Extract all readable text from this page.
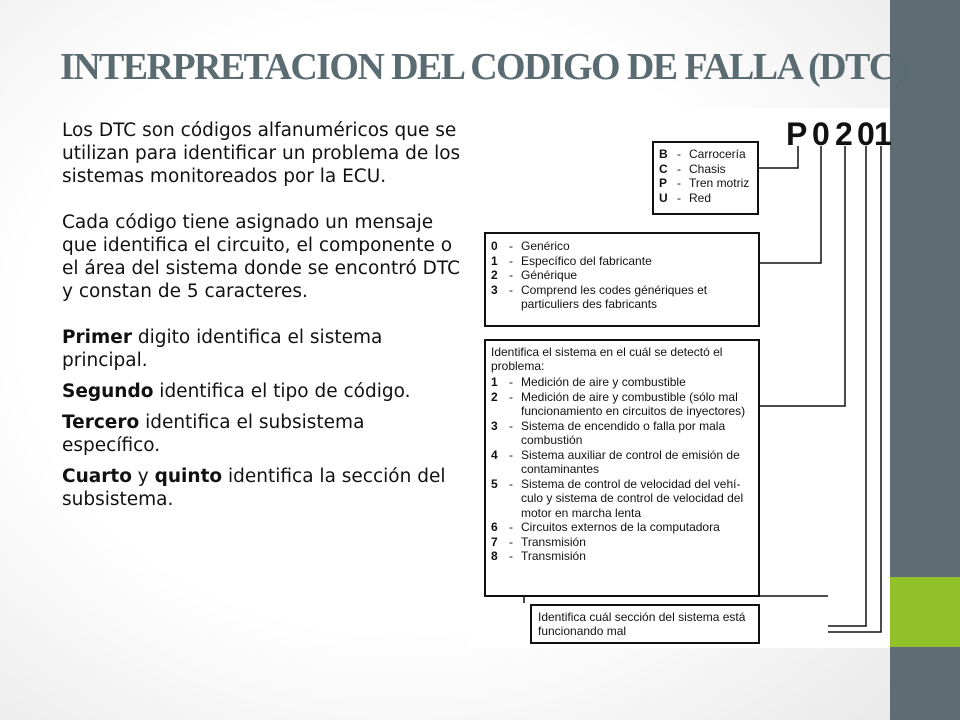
INTERPRETACION DEL CODIGO DE FALLA (DTC)

Los DTC son códigos alfanuméricos que se utilizan para identificar un problema de los sistemas monitoreados por la ECU.

Cada código tiene asignado un mensaje que identifica el circuito, el componente o el área del sistema donde se encontró DTC y constan de 5 caracteres.

Primer digito identifica el sistema principal.

Segundo identifica el tipo de código.

Tercero identifica el subsistema específico.

Cuarto y quinto identifica la sección del subsistema.

P 0 2 0 1
B - Carrocería
C - Chasis
P - Tren motriz
U - Red
0 - Genérico
1 - Específico del fabricante
2 - Générique
3 - Comprend les codes génériques et particuliers des fabricants
Identifica el sistema en el cuál se detectó el problema:
1 - Medición de aire y combustible
2 - Medición de aire y combustible (sólo mal funcionamiento en circuitos de inyectores)
3 - Sistema de encendido o falla por mala combustión
4 - Sistema auxiliar de control de emisión de contaminantes
5 - Sistema de control de velocidad del vehí-culo y sistema de control de velocidad del motor en marcha lenta
6 - Circuitos externos de la computadora
7 - Transmisión
8 - Transmisión
Identifica cuál sección del sistema está funcionando mal
